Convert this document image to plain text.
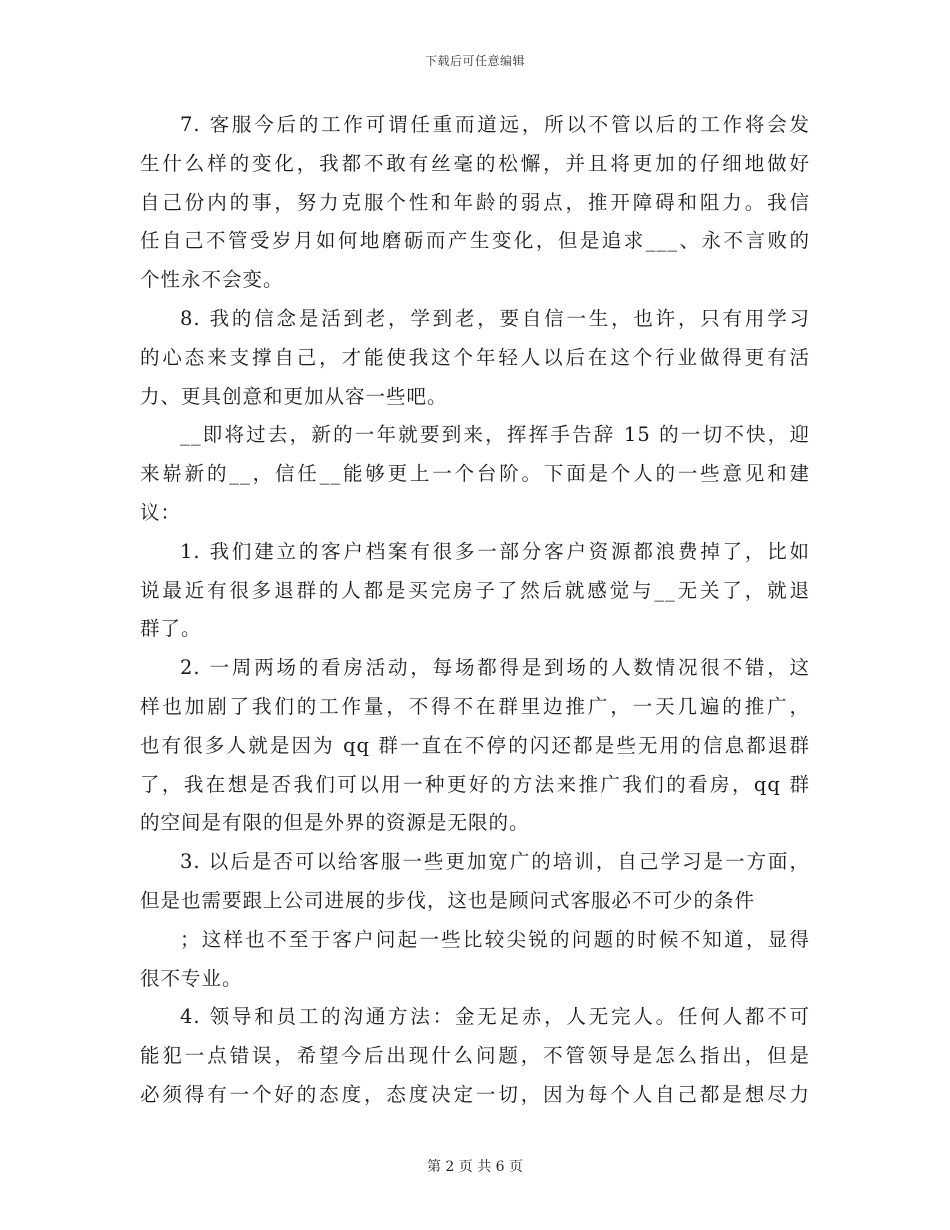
下载后可任意编辑
7. 客服今后的工作可谓任重而道远，所以不管以后的工作将会发
生什么样的变化，我都不敢有丝毫的松懈，并且将更加的仔细地做好
自己份内的事，努力克服个性和年龄的弱点，推开障碍和阻力。我信
任自己不管受岁月如何地磨砺而产生变化，但是追求___、永不言败的
个性永不会变。
8. 我的信念是活到老，学到老，要自信一生，也许，只有用学习
的心态来支撑自己，才能使我这个年轻人以后在这个行业做得更有活
力、更具创意和更加从容一些吧。
__即将过去，新的一年就要到来，挥挥手告辞 15 的一切不快，迎
来崭新的__，信任__能够更上一个台阶。下面是个人的一些意见和建
议：
1. 我们建立的客户档案有很多一部分客户资源都浪费掉了，比如
说最近有很多退群的人都是买完房子了然后就感觉与__无关了，就退
群了。
2. 一周两场的看房活动，每场都得是到场的人数情况很不错，这
样也加剧了我们的工作量，不得不在群里边推广，一天几遍的推广，
也有很多人就是因为 qq 群一直在不停的闪还都是些无用的信息都退群
了，我在想是否我们可以用一种更好的方法来推广我们的看房，qq 群
的空间是有限的但是外界的资源是无限的。
3. 以后是否可以给客服一些更加宽广的培训，自己学习是一方面，
但是也需要跟上公司进展的步伐，这也是顾问式客服必不可少的条件
；这样也不至于客户问起一些比较尖锐的问题的时候不知道，显得
很不专业。
4. 领导和员工的沟通方法：金无足赤，人无完人。任何人都不可
能犯一点错误，希望今后出现什么问题，不管领导是怎么指出，但是
必须得有一个好的态度，态度决定一切，因为每个人自己都是想尽力
第 2 页 共 6 页
